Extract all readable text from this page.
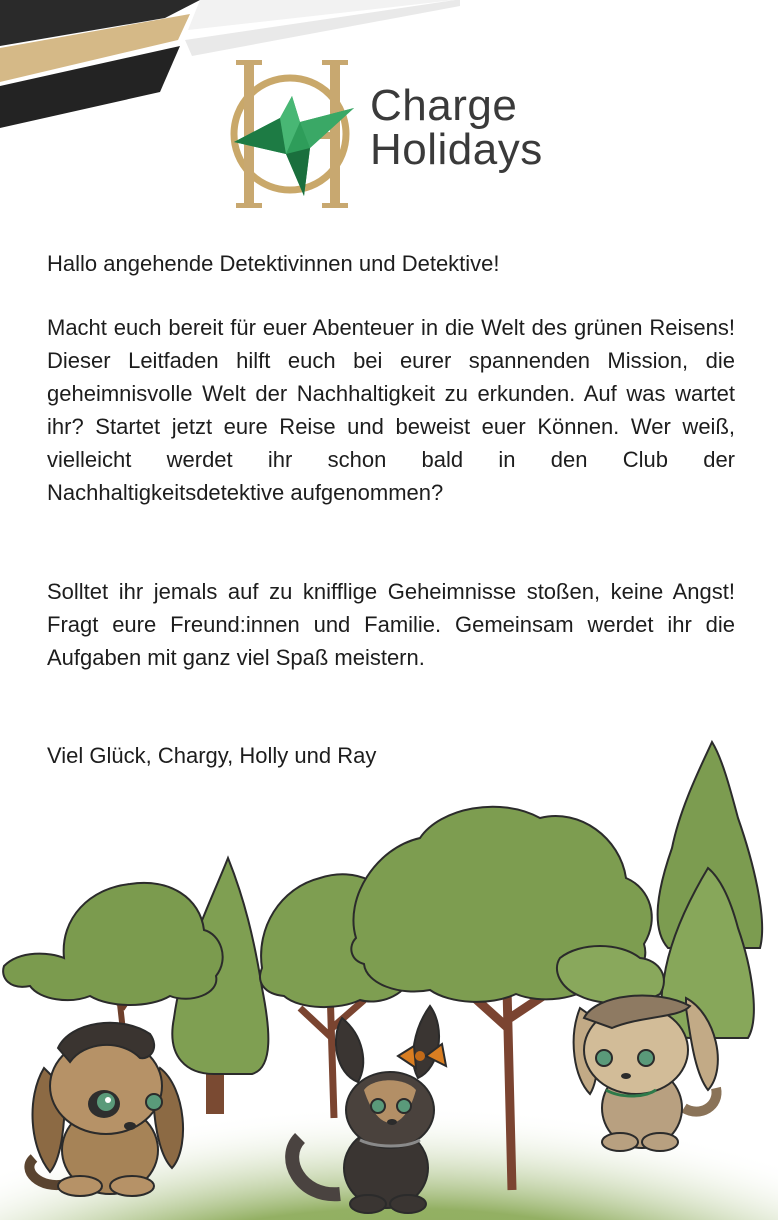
Charge
Holidays
Hallo angehende Detektivinnen und Detektive!
Macht euch bereit für euer Abenteuer in die Welt des grünen Reisens! Dieser Leitfaden hilft euch bei eurer spannenden Mission, die geheimnisvolle Welt der Nachhaltigkeit zu erkunden. Auf was wartet ihr? Startet jetzt eure Reise und beweist euer Können. Wer weiß, vielleicht werdet ihr schon bald in den Club der Nachhaltigkeitsdetektive aufgenommen?
Solltet ihr jemals auf zu knifflige Geheimnisse stoßen, keine Angst! Fragt eure Freund:innen und Familie. Gemeinsam werdet ihr die Aufgaben mit ganz viel Spaß meistern.
Viel Glück, Chargy, Holly und Ray
